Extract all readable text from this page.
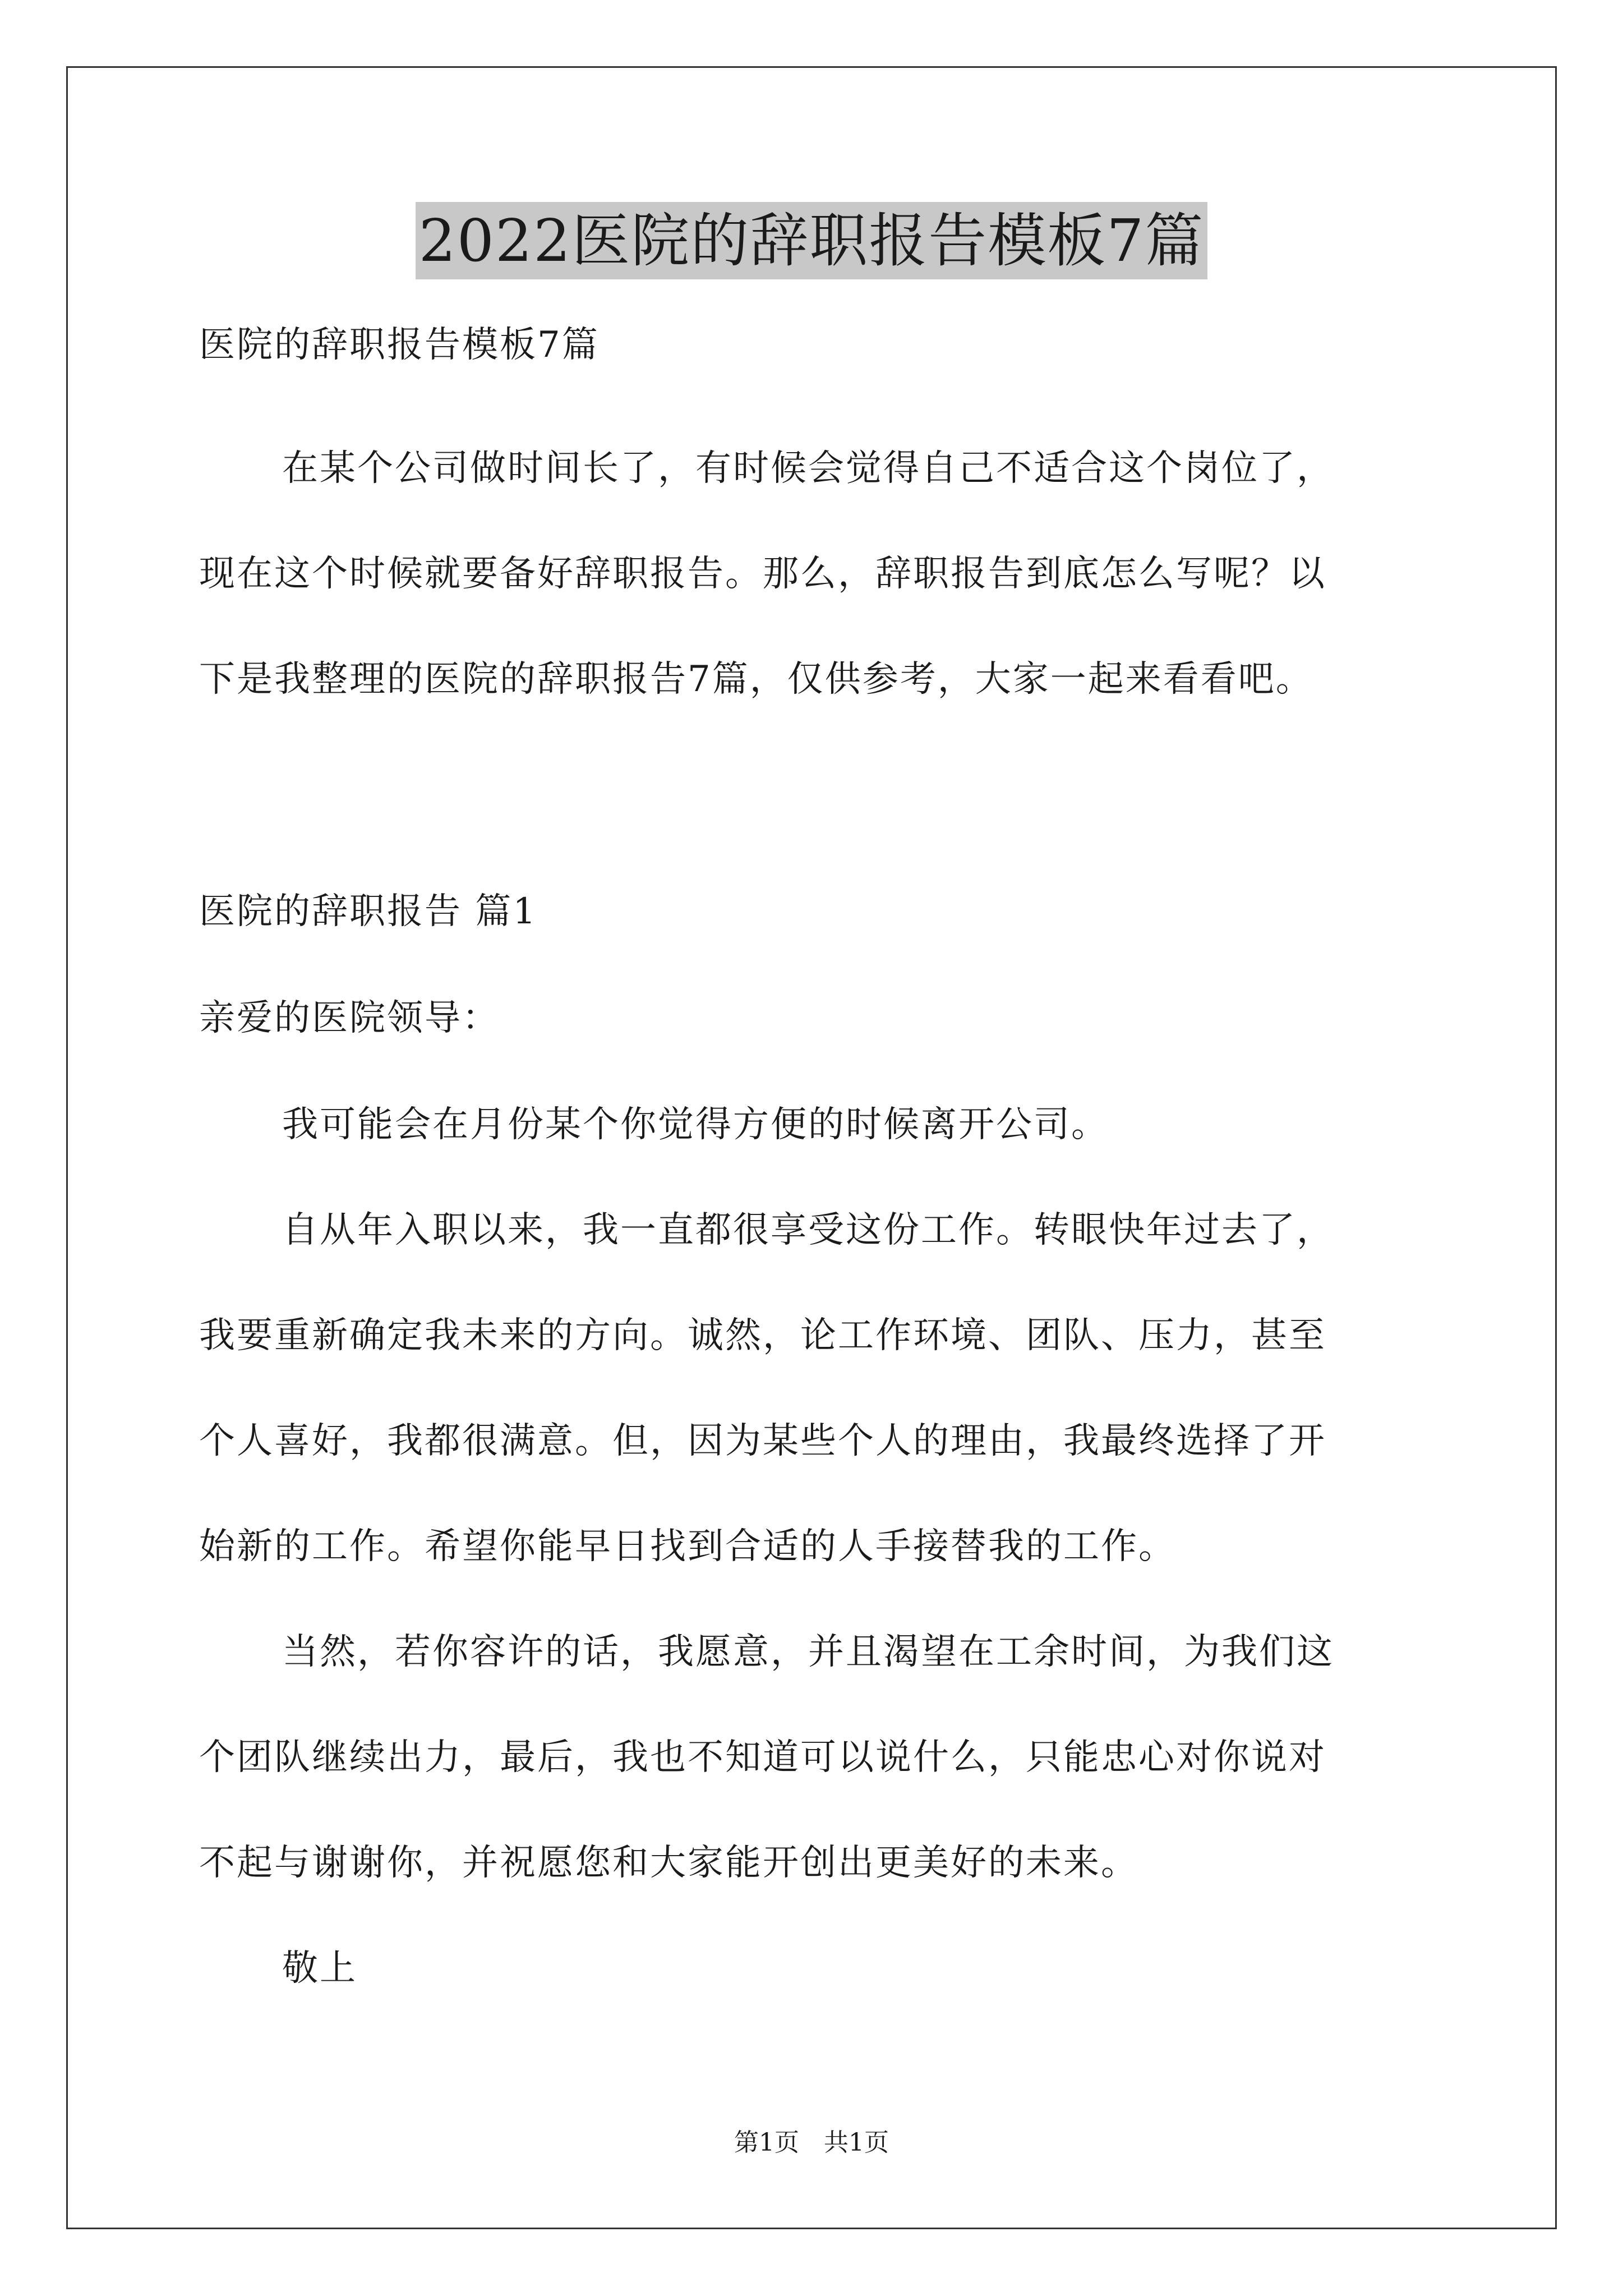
2022医院的辞职报告模板7篇
医院的辞职报告模板7篇
在某个公司做时间长了，有时候会觉得自己不适合这个岗位了，
现在这个时候就要备好辞职报告。那么，辞职报告到底怎么写呢？以
下是我整理的医院的辞职报告7篇，仅供参考，大家一起来看看吧。
医院的辞职报告 篇1
亲爱的医院领导：
我可能会在月份某个你觉得方便的时候离开公司。
自从年入职以来，我一直都很享受这份工作。转眼快年过去了，
我要重新确定我未来的方向。诚然，论工作环境、团队、压力，甚至
个人喜好，我都很满意。但，因为某些个人的理由，我最终选择了开
始新的工作。希望你能早日找到合适的人手接替我的工作。
当然，若你容许的话，我愿意，并且渴望在工余时间，为我们这
个团队继续出力，最后，我也不知道可以说什么，只能忠心对你说对
不起与谢谢你，并祝愿您和大家能开创出更美好的未来。
敬上
第1页　共1页
